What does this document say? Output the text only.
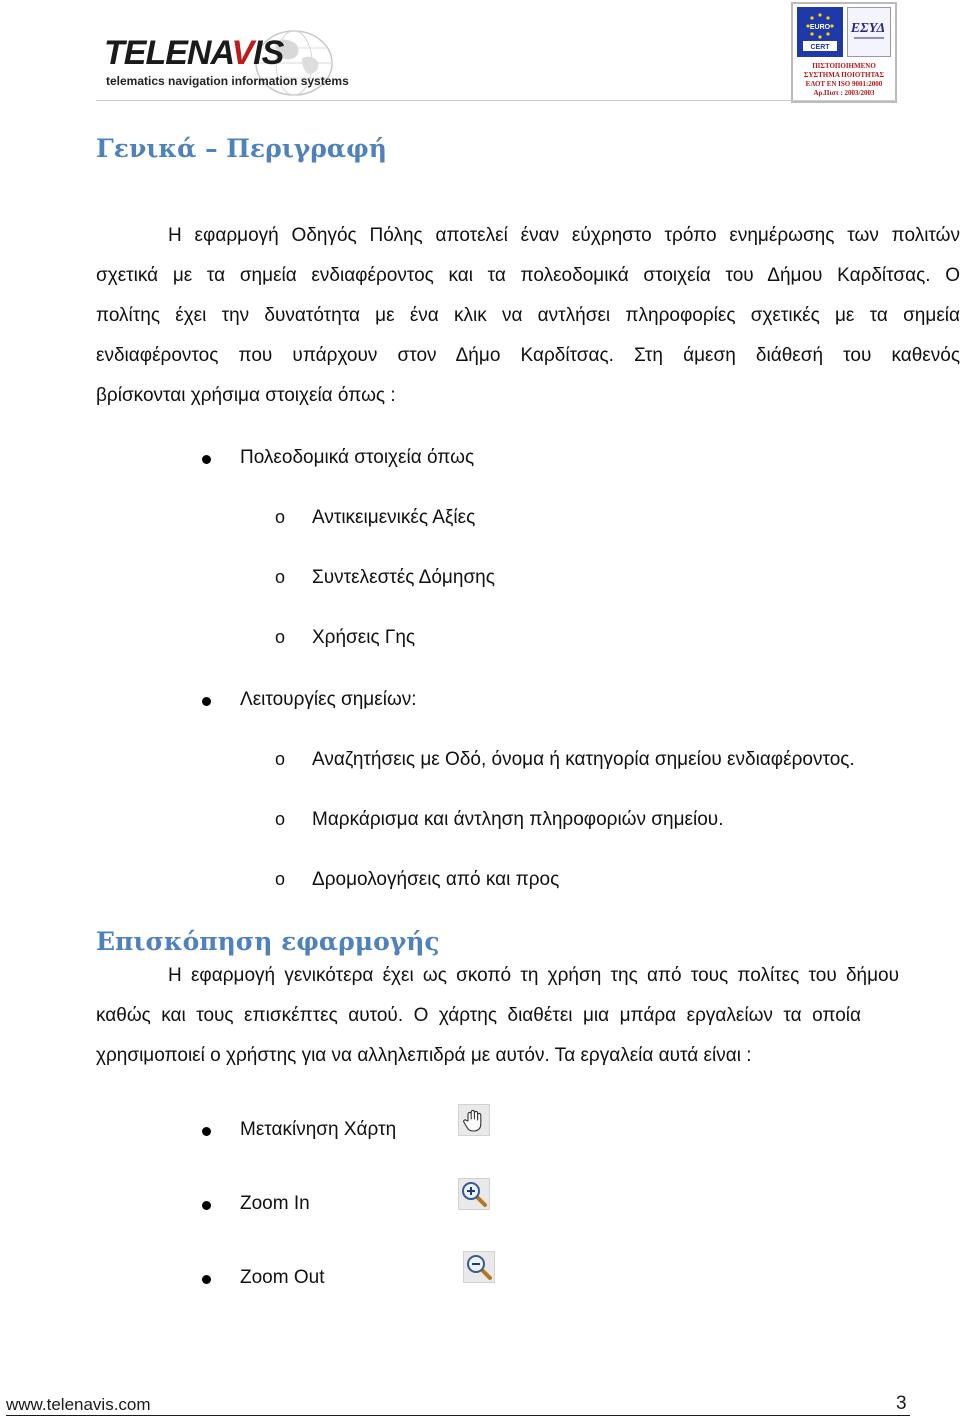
TELENAVIS
telematics navigation information systems
EURO
CERT
ΕΣΥΔ
ΠΙΣΤΟΠΟΙΗΜΕΝΟ
ΣΥΣΤΗΜΑ ΠΟΙΟΤΗΤΑΣ
ΕΛΟΤ ΕΝ ISO 9001:2000
Αρ.Πιστ : 2003/2003
Γενικά – Περιγραφή
Η εφαρμογή Οδηγός Πόλης αποτελεί έναν εύχρηστο τρόπο ενημέρωσης των πολιτών
σχετικά με τα σημεία ενδιαφέροντος και τα πολεοδομικά στοιχεία του Δήμου Καρδίτσας. Ο
πολίτης έχει την δυνατότητα με ένα κλικ να αντλήσει πληροφορίες σχετικές με τα σημεία
ενδιαφέροντος που υπάρχουν στον Δήμο Καρδίτσας. Στη άμεση διάθεσή του καθενός
βρίσκονται χρήσιμα στοιχεία όπως :
Πολεοδομικά στοιχεία όπως
o Αντικειμενικές Αξίες
o Συντελεστές Δόμησης
o Χρήσεις Γης
Λειτουργίες σημείων:
o Αναζητήσεις με Οδό, όνομα ή κατηγορία σημείου ενδιαφέροντος.
o Μαρκάρισμα και άντληση πληροφοριών σημείου.
o Δρομολογήσεις από και προς
Επισκόπηση εφαρμογής
Η εφαρμογή γενικότερα έχει ως σκοπό τη χρήση της από τους πολίτες του δήμου
καθώς και τους επισκέπτες αυτού. Ο χάρτης διαθέτει μια μπάρα εργαλείων τα οποία
χρησιμοποιεί ο χρήστης για να αλληλεπιδρά με αυτόν. Τα εργαλεία αυτά είναι :
Μετακίνηση Χάρτη
Zoom In
Zoom Out
www.telenavis.com	3
